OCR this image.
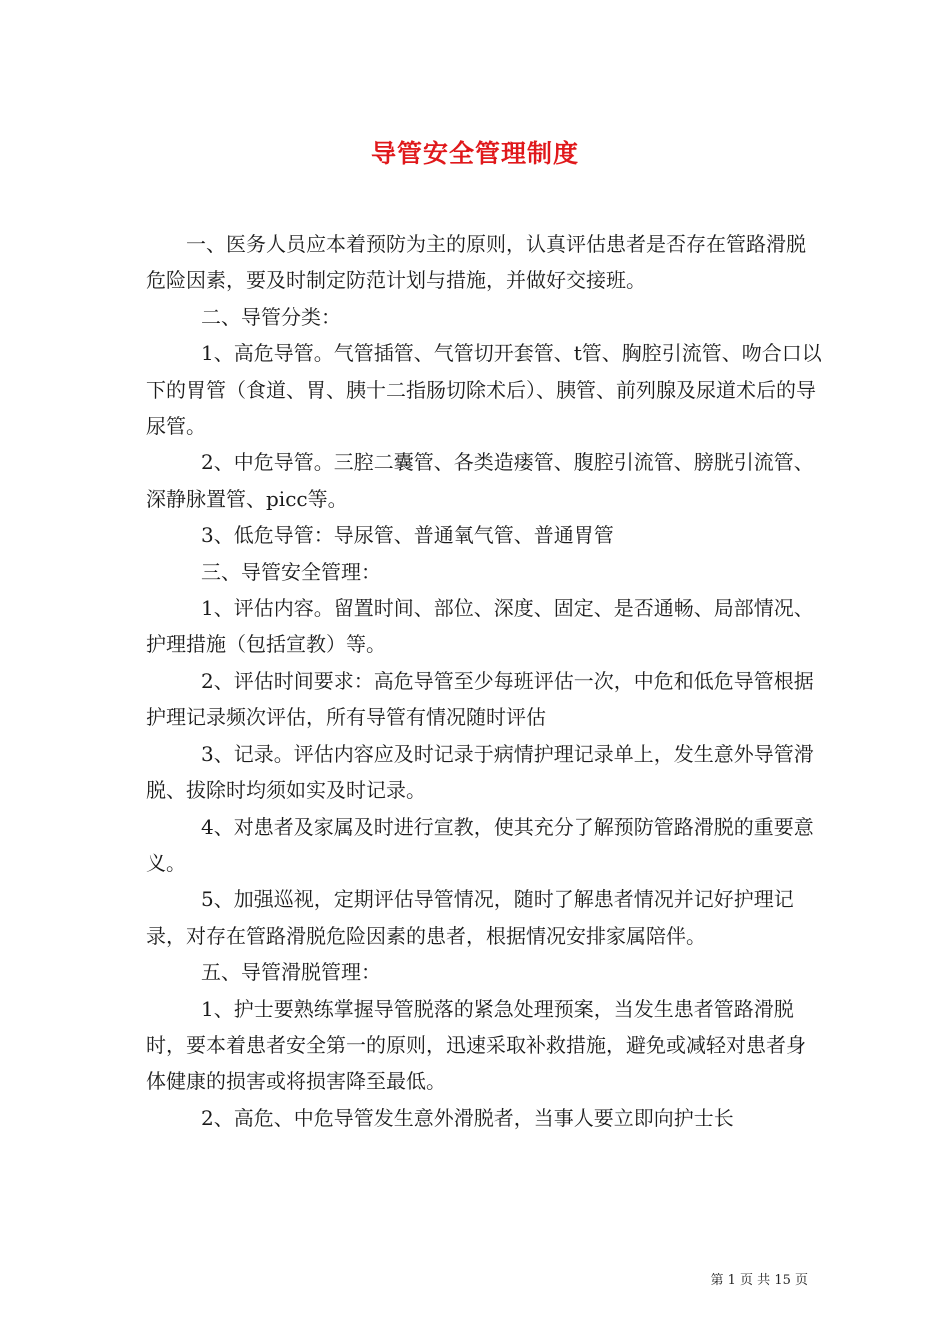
导管安全管理制度

一、医务人员应本着预防为主的原则，认真评估患者是否存在管路滑脱危险因素，要及时制定防范计划与措施，并做好交接班。

二、导管分类：

1、高危导管。气管插管、气管切开套管、t管、胸腔引流管、吻合口以下的胃管（食道、胃、胰十二指肠切除术后）、胰管、前列腺及尿道术后的导尿管。

2、中危导管。三腔二囊管、各类造瘘管、腹腔引流管、膀胱引流管、深静脉置管、picc等。

3、低危导管：导尿管、普通氧气管、普通胃管

三、导管安全管理：

1、评估内容。留置时间、部位、深度、固定、是否通畅、局部情况、护理措施（包括宣教）等。

2、评估时间要求：高危导管至少每班评估一次，中危和低危导管根据护理记录频次评估，所有导管有情况随时评估

3、记录。评估内容应及时记录于病情护理记录单上，发生意外导管滑脱、拔除时均须如实及时记录。

4、对患者及家属及时进行宣教，使其充分了解预防管路滑脱的重要意义。

5、加强巡视，定期评估导管情况，随时了解患者情况并记好护理记录，对存在管路滑脱危险因素的患者，根据情况安排家属陪伴。

五、导管滑脱管理：

1、护士要熟练掌握导管脱落的紧急处理预案，当发生患者管路滑脱时，要本着患者安全第一的原则，迅速采取补救措施，避免或减轻对患者身体健康的损害或将损害降至最低。

2、高危、中危导管发生意外滑脱者，当事人要立即向护士长

第 1 页 共 15 页
